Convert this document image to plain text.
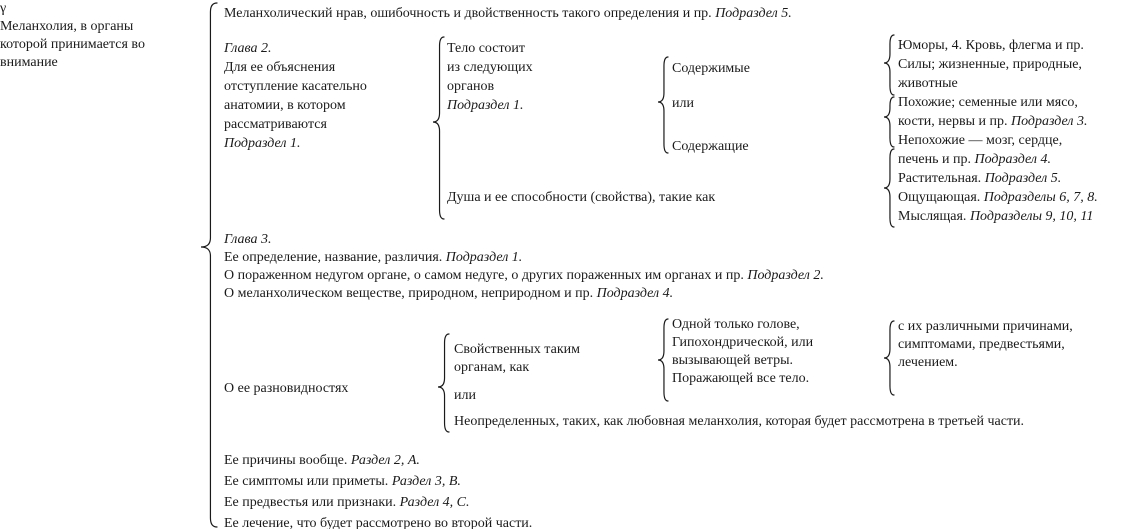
γ
Меланхолия, в органы
которой принимается во
внимание
Меланхолический нрав, ошибочность и двойственность такого определения и пр. Подраздел 5.
Глава 2.
Для ее объяснения
отступление касательно
анатомии, в котором
рассматриваются
Подраздел 1.
Тело состоит
из следующих
органов
Подраздел 1.
Душа и ее способности (свойства), такие как
Содержимые
или
Содержащие
Юморы, 4. Кровь, флегма и пр.
Силы; жизненные, природные,
животные
Похожие; семенные или мясо,
кости, нервы и пр. Подраздел 3.
Непохожие — мозг, сердце,
печень и пр. Подраздел 4.
Растительная. Подраздел 5.
Ощущающая. Подразделы 6, 7, 8.
Мыслящая. Подразделы 9, 10, 11
Глава 3.
Ее определение, название, различия. Подраздел 1.
О пораженном недугом органе, о самом недуге, о других пораженных им органах и пр. Подраздел 2.
О меланхолическом веществе, природном, неприродном и пр. Подраздел 4.
О ее разновидностях
Свойственных таким
органам, как
или
Одной только голове,
Гипохондрической, или
вызывающей ветры.
Поражающей все тело.
с их различными причинами,
симптомами, предвестьями,
лечением.
Неопределенных, таких, как любовная меланхолия, которая будет рассмотрена в третьей части.
Ее причины вообще. Раздел 2, А.
Ее симптомы или приметы. Раздел 3, В.
Ее предвестья или признаки. Раздел 4, С.
Ее лечение, что будет рассмотрено во второй части.
